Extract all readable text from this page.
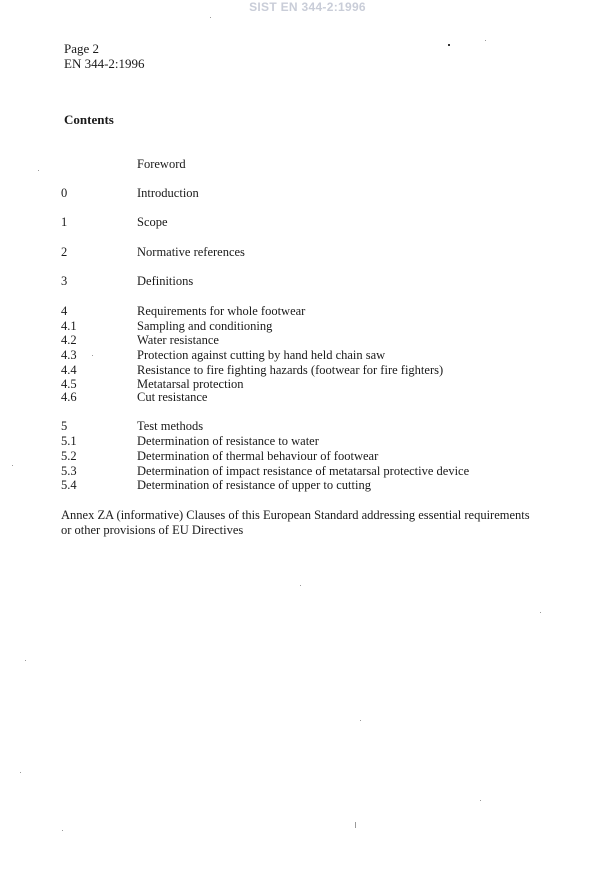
SIST EN 344-2:1996
Page 2
EN 344-2:1996
Contents
Foreword
0	Introduction
1	Scope
2	Normative references
3	Definitions
4	Requirements for whole footwear
4.1	Sampling and conditioning
4.2	Water resistance
4.3	Protection against cutting by hand held chain saw
4.4	Resistance to fire fighting hazards (footwear for fire fighters)
4.5	Metatarsal protection
4.6	Cut resistance
5	Test methods
5.1	Determination of resistance to water
5.2	Determination of thermal behaviour of footwear
5.3	Determination of impact resistance of metatarsal protective device
5.4	Determination of resistance of upper to cutting
Annex ZA (informative) Clauses of this European Standard addressing essential requirements
or other provisions of EU Directives
